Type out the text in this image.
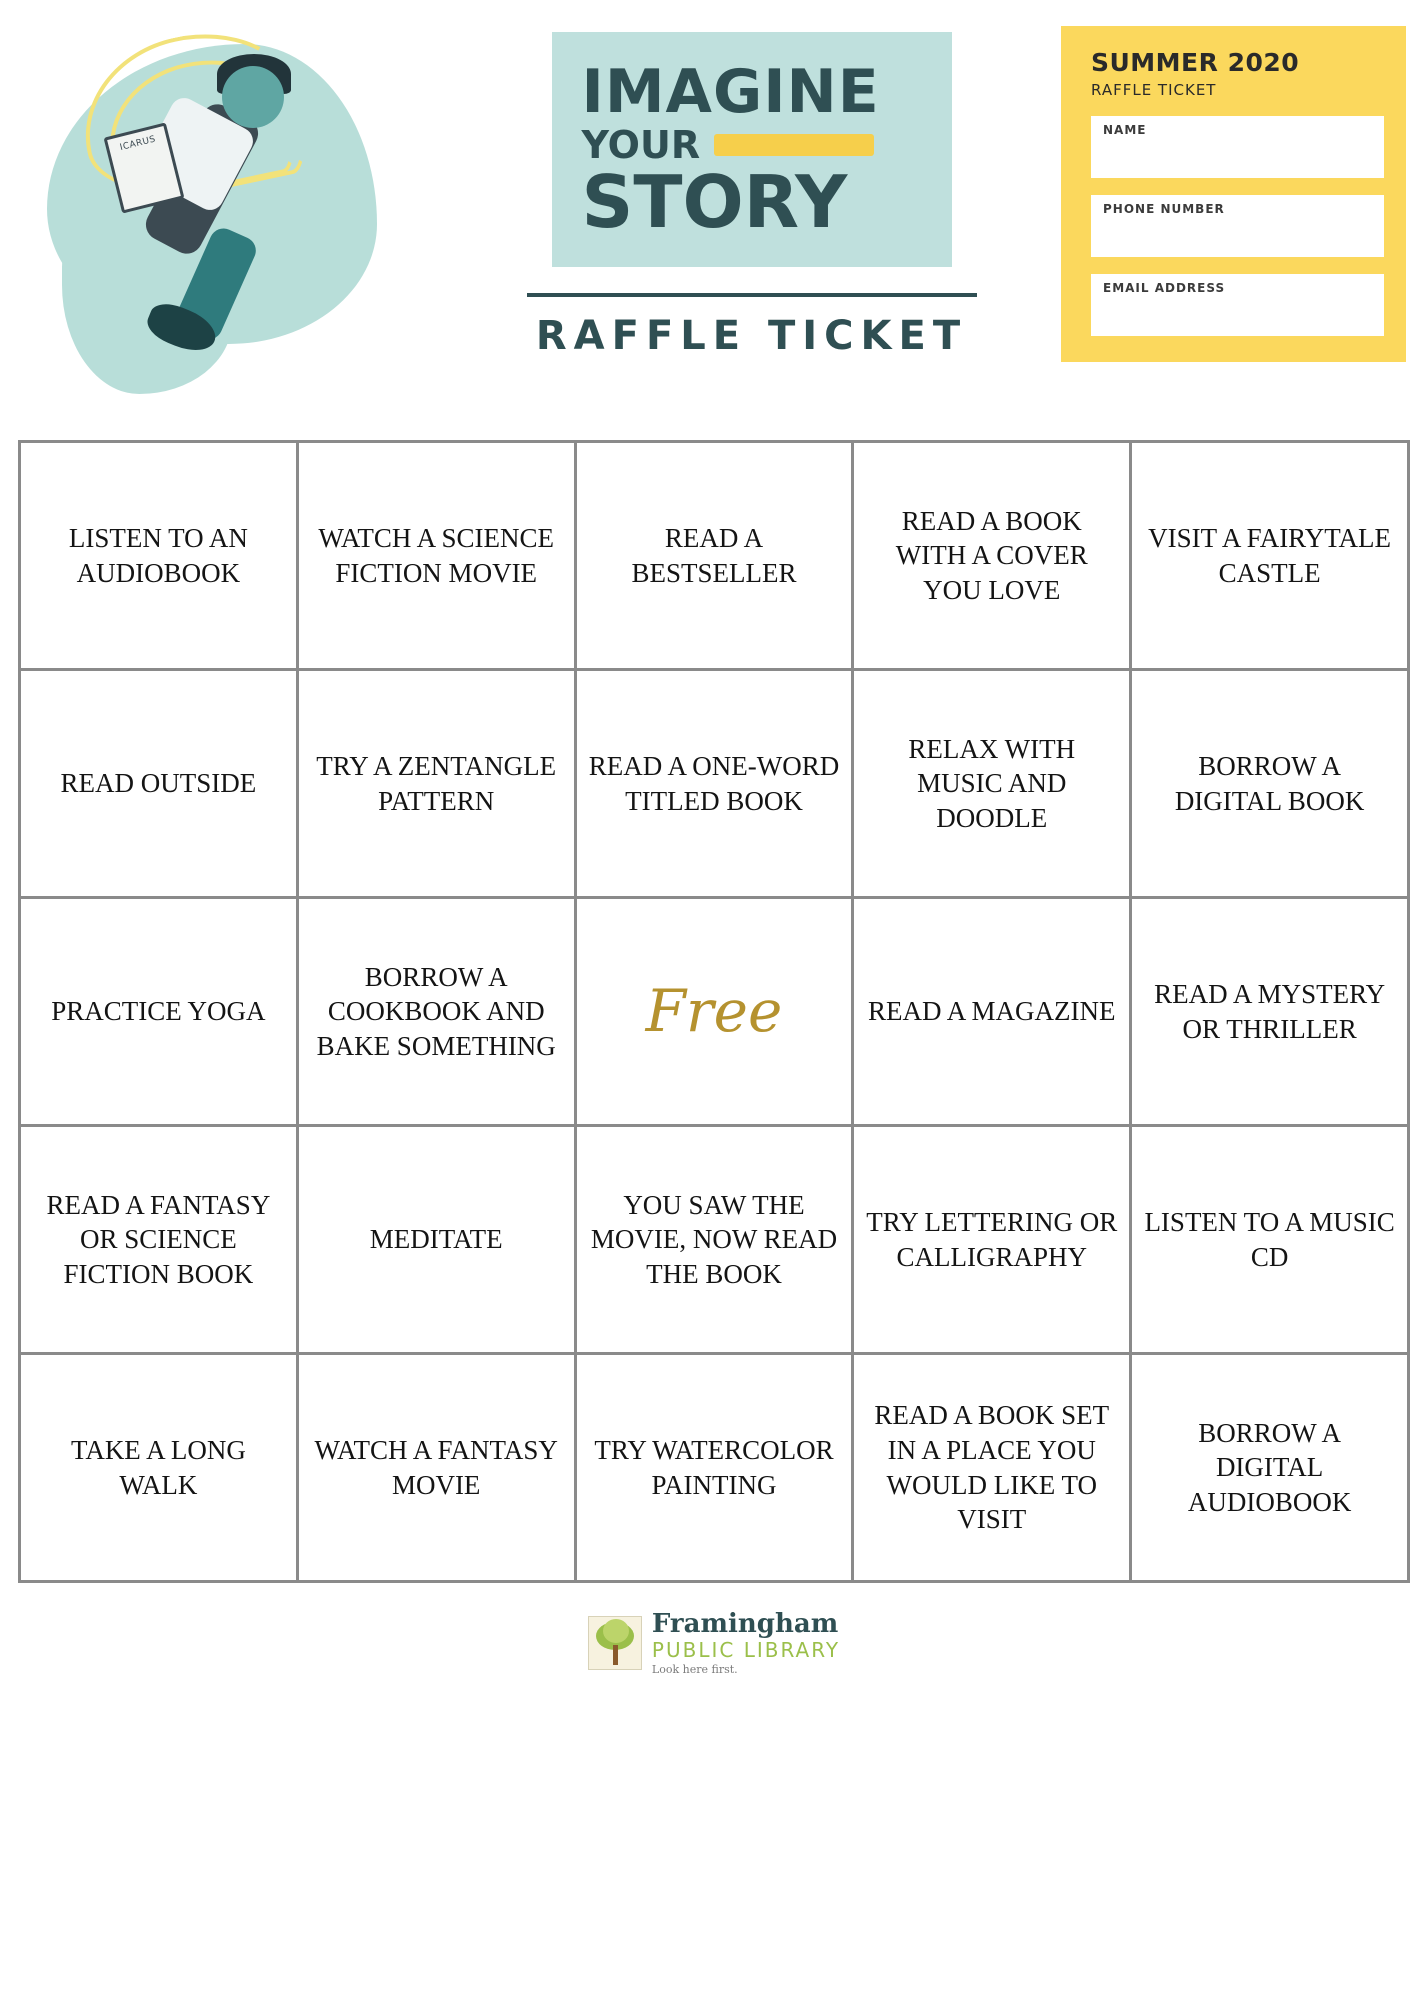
ICARUS
IMAGINE
YOUR
STORY
RAFFLE TICKET
SUMMER 2020
RAFFLE TICKET
NAME
PHONE NUMBER
EMAIL ADDRESS
LISTEN TO AN AUDIOBOOK	WATCH A SCIENCE FICTION MOVIE	READ A BESTSELLER	READ A BOOK WITH A COVER YOU LOVE	VISIT A FAIRYTALE CASTLE
READ OUTSIDE	TRY A ZENTANGLE PATTERN	READ A ONE-WORD TITLED BOOK	RELAX WITH MUSIC AND DOODLE	BORROW A DIGITAL BOOK
PRACTICE YOGA	BORROW A COOKBOOK AND BAKE SOMETHING	Free	READ A MAGAZINE	READ A MYSTERY OR THRILLER
READ A FANTASY OR SCIENCE FICTION BOOK	MEDITATE	YOU SAW THE MOVIE, NOW READ THE BOOK	TRY LETTERING OR CALLIGRAPHY	LISTEN TO A MUSIC CD
TAKE A LONG WALK	WATCH A FANTASY MOVIE	TRY WATERCOLOR PAINTING	READ A BOOK SET IN A PLACE YOU WOULD LIKE TO VISIT	BORROW A DIGITAL AUDIOBOOK
Framingham
PUBLIC LIBRARY
Look here first.
